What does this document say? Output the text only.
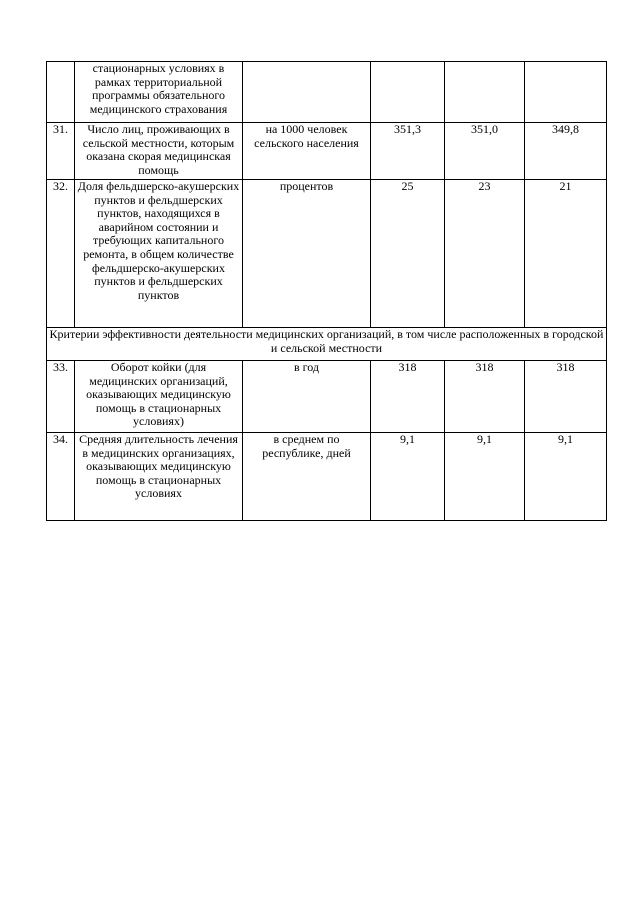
	стационарных условиях в рамках территориальной программы обязательного медицинского страхования				
31.	Число лиц, проживающих в сельской местности, которым оказана скорая медицинская помощь	на 1000 человек сельского населения	351,3	351,0	349,8
32.	Доля фельдшерско-акушерских пунктов и фельдшерских пунктов, находящихся в аварийном состоянии и требующих капитального ремонта, в общем количестве фельдшерско-акушерских пунктов и фельдшерских пунктов	процентов	25	23	21
Критерии эффективности деятельности медицинских организаций, в том числе расположенных в городской и сельской местности					
33.	Оборот койки (для медицинских организаций, оказывающих медицинскую помощь в стационарных условиях)	в год	318	318	318
34.	Средняя длительность лечения в медицинских организациях, оказывающих медицинскую помощь в стационарных условиях	в среднем по республике, дней	9,1	9,1	9,1
